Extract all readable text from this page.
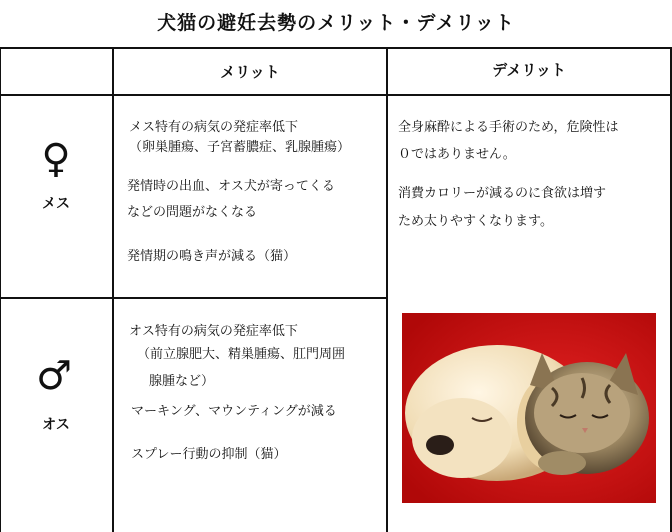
犬猫の避妊去勢のメリット・デメリット
メリット	デメリット
♀
メス
メス特有の病気の発症率低下
（卵巣腫瘍、子宮蓄膿症、乳腺腫瘍）
発情時の出血、オス犬が寄ってくる
などの問題がなくなる
発情期の鳴き声が減る（猫）
♂
オス
オス特有の病気の発症率低下
（前立腺肥大、精巣腫瘍、肛門周囲
腺腫など）
マーキング、マウンティングが減る
スプレー行動の抑制（猫）
全身麻酔による手術のため，危険性は
０ではありません。
消費カロリーが減るのに食欲は増す
ため太りやすくなります。
